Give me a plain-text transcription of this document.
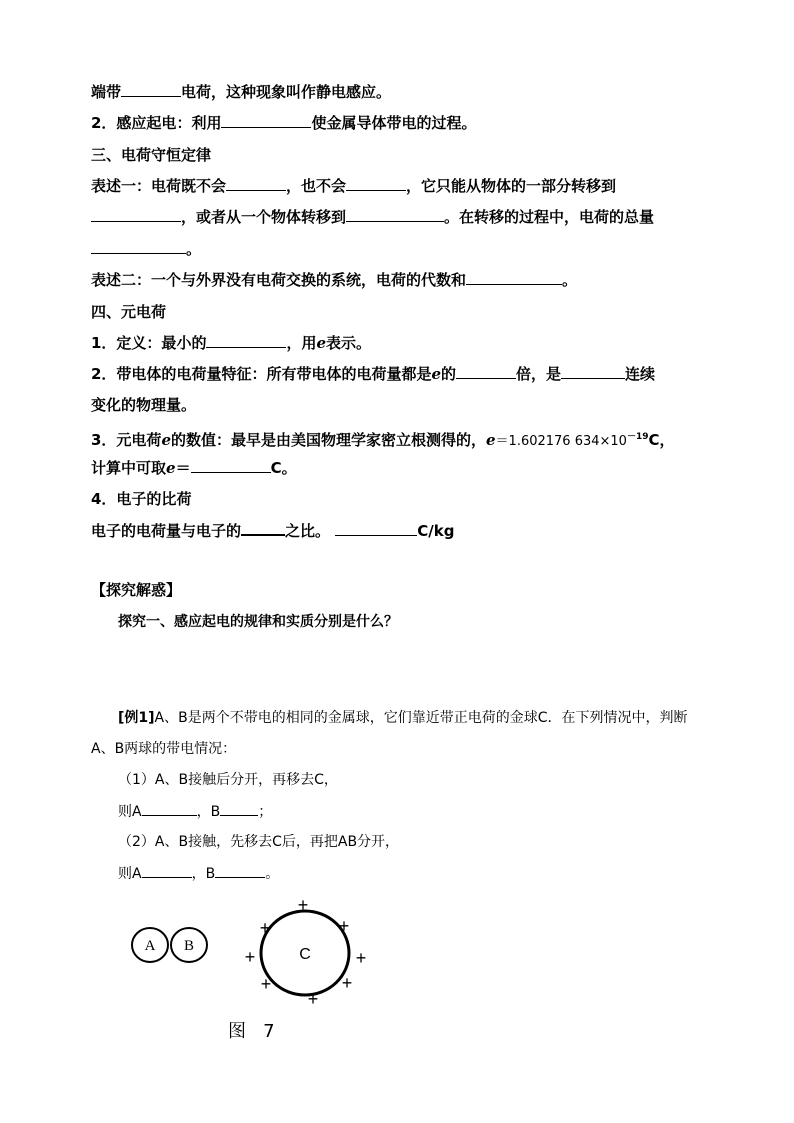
端带	电荷，这种现象叫作静电感应。
2．感应起电：利用	使金属导体带电的过程。
三、电荷守恒定律
表述一：电荷既不会	，也不会	，它只能从物体的一部分转移到
，或者从一个物体转移到	。在转移的过程中，电荷的总量
。
表述二：一个与外界没有电荷交换的系统，电荷的代数和	。
四、元电荷
1．定义：最小的	，用e表示。
2．带电体的电荷量特征：所有带电体的电荷量都是e的	倍，是	连续
变化的物理量。
3．元电荷e的数值：最早是由美国物理学家密立根测得的，e＝1.602176 $634\times 10^{-19}C$，
计算中可取e＝	C。
4．电子的比荷
电子的电荷量与电子的	之比。	C/kg
【探究解惑】
探究一、感应起电的规律和实质分别是什么？
[例1]A、B是两个不带电的相同的金属球，它们靠近带正电荷的金球C．在下列情况中，判断
A、B两球的带电情况：
（1）A、B接触后分开，再移去C，
则A	，B	；
（2）A、B接触，先移去C后，再把AB分开，
则A	，B	。
A B	C
+
+	+
+	+
+	+
+
图   7
